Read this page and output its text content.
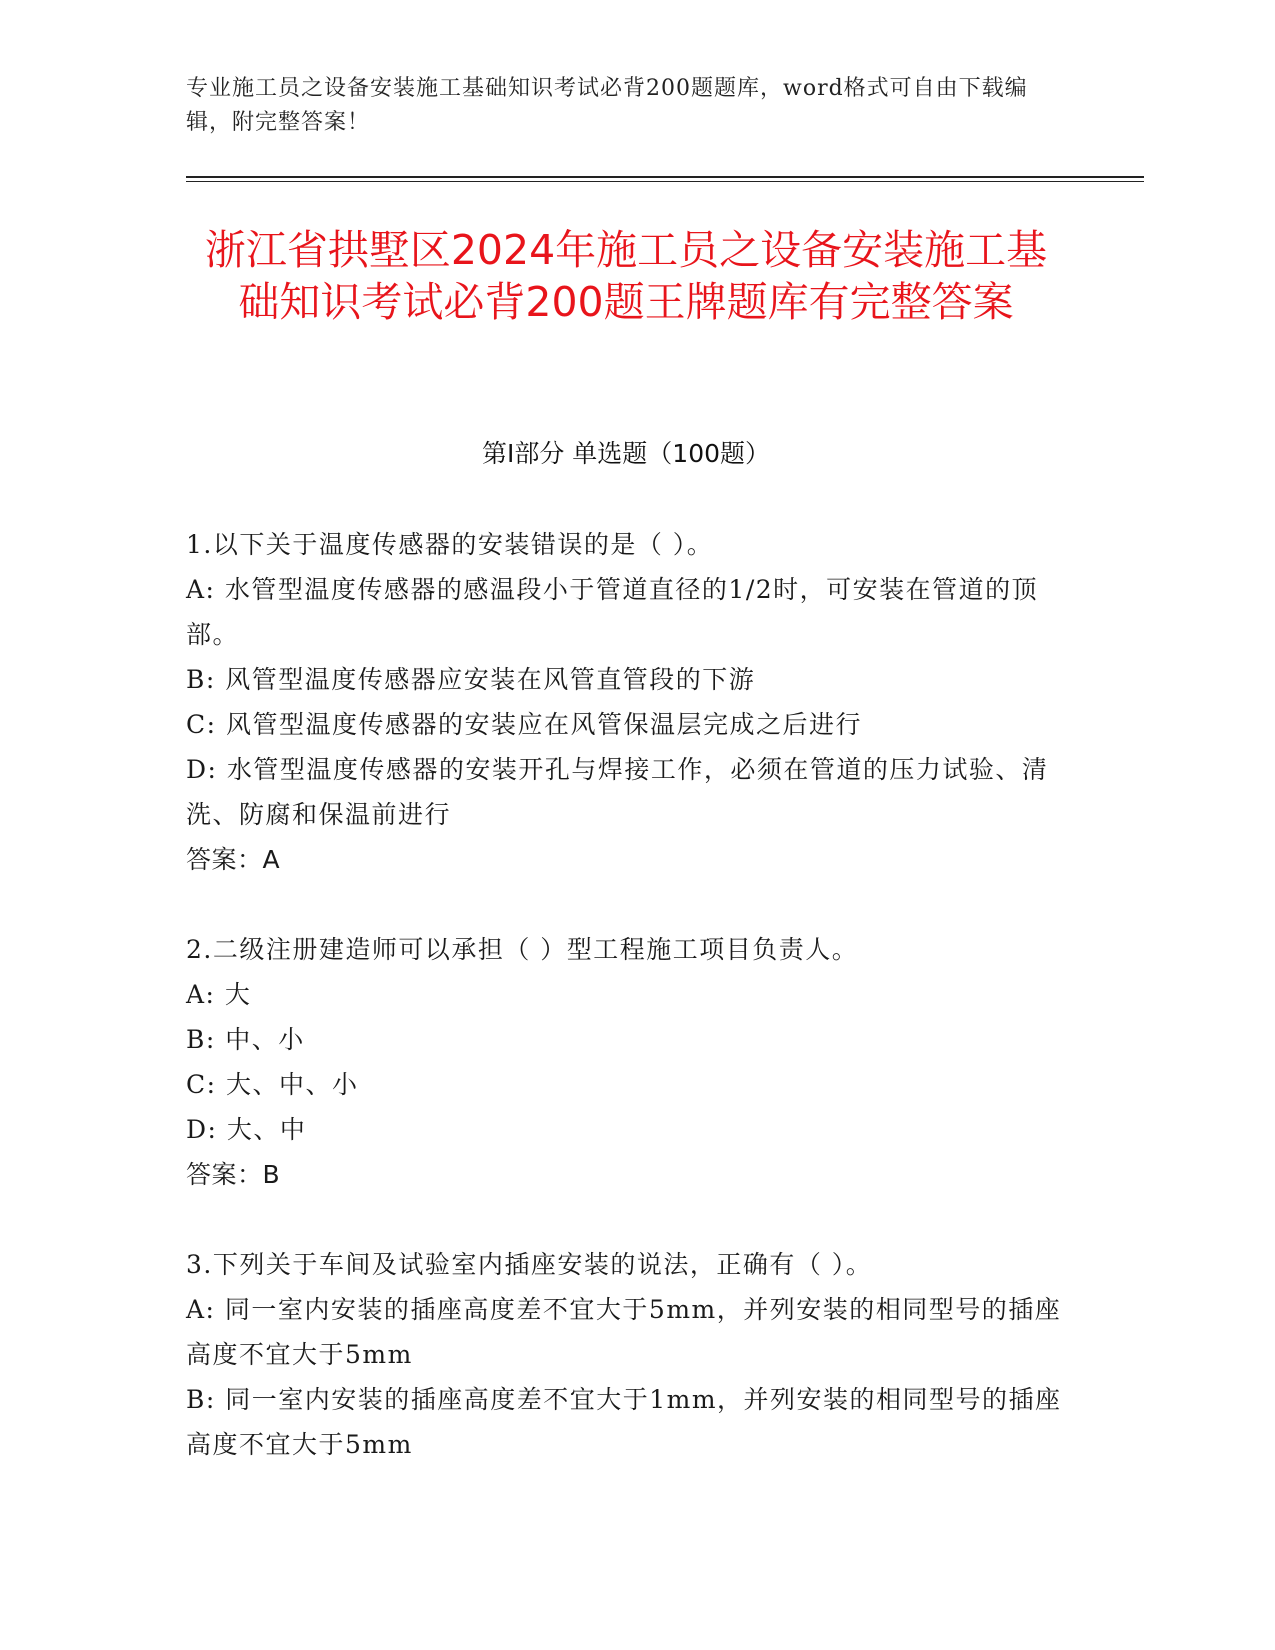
专业施工员之设备安装施工基础知识考试必背200题题库，word格式可自由下载编辑，附完整答案！
浙江省拱墅区2024年施工员之设备安装施工基础知识考试必背200题王牌题库有完整答案
第Ⅰ部分 单选题（100题）
1.以下关于温度传感器的安装错误的是（ ）。
A: 水管型温度传感器的感温段小于管道直径的1/2时，可安装在管道的顶部。
B: 风管型温度传感器应安装在风管直管段的下游
C: 风管型温度传感器的安装应在风管保温层完成之后进行
D: 水管型温度传感器的安装开孔与焊接工作，必须在管道的压力试验、清洗、防腐和保温前进行
答案：A
2.二级注册建造师可以承担（ ）型工程施工项目负责人。
A: 大
B: 中、小
C: 大、中、小
D: 大、中
答案：B
3.下列关于车间及试验室内插座安装的说法，正确有（ ）。
A: 同一室内安装的插座高度差不宜大于5mm，并列安装的相同型号的插座高度不宜大于5mm
B: 同一室内安装的插座高度差不宜大于1mm，并列安装的相同型号的插座高度不宜大于5mm
